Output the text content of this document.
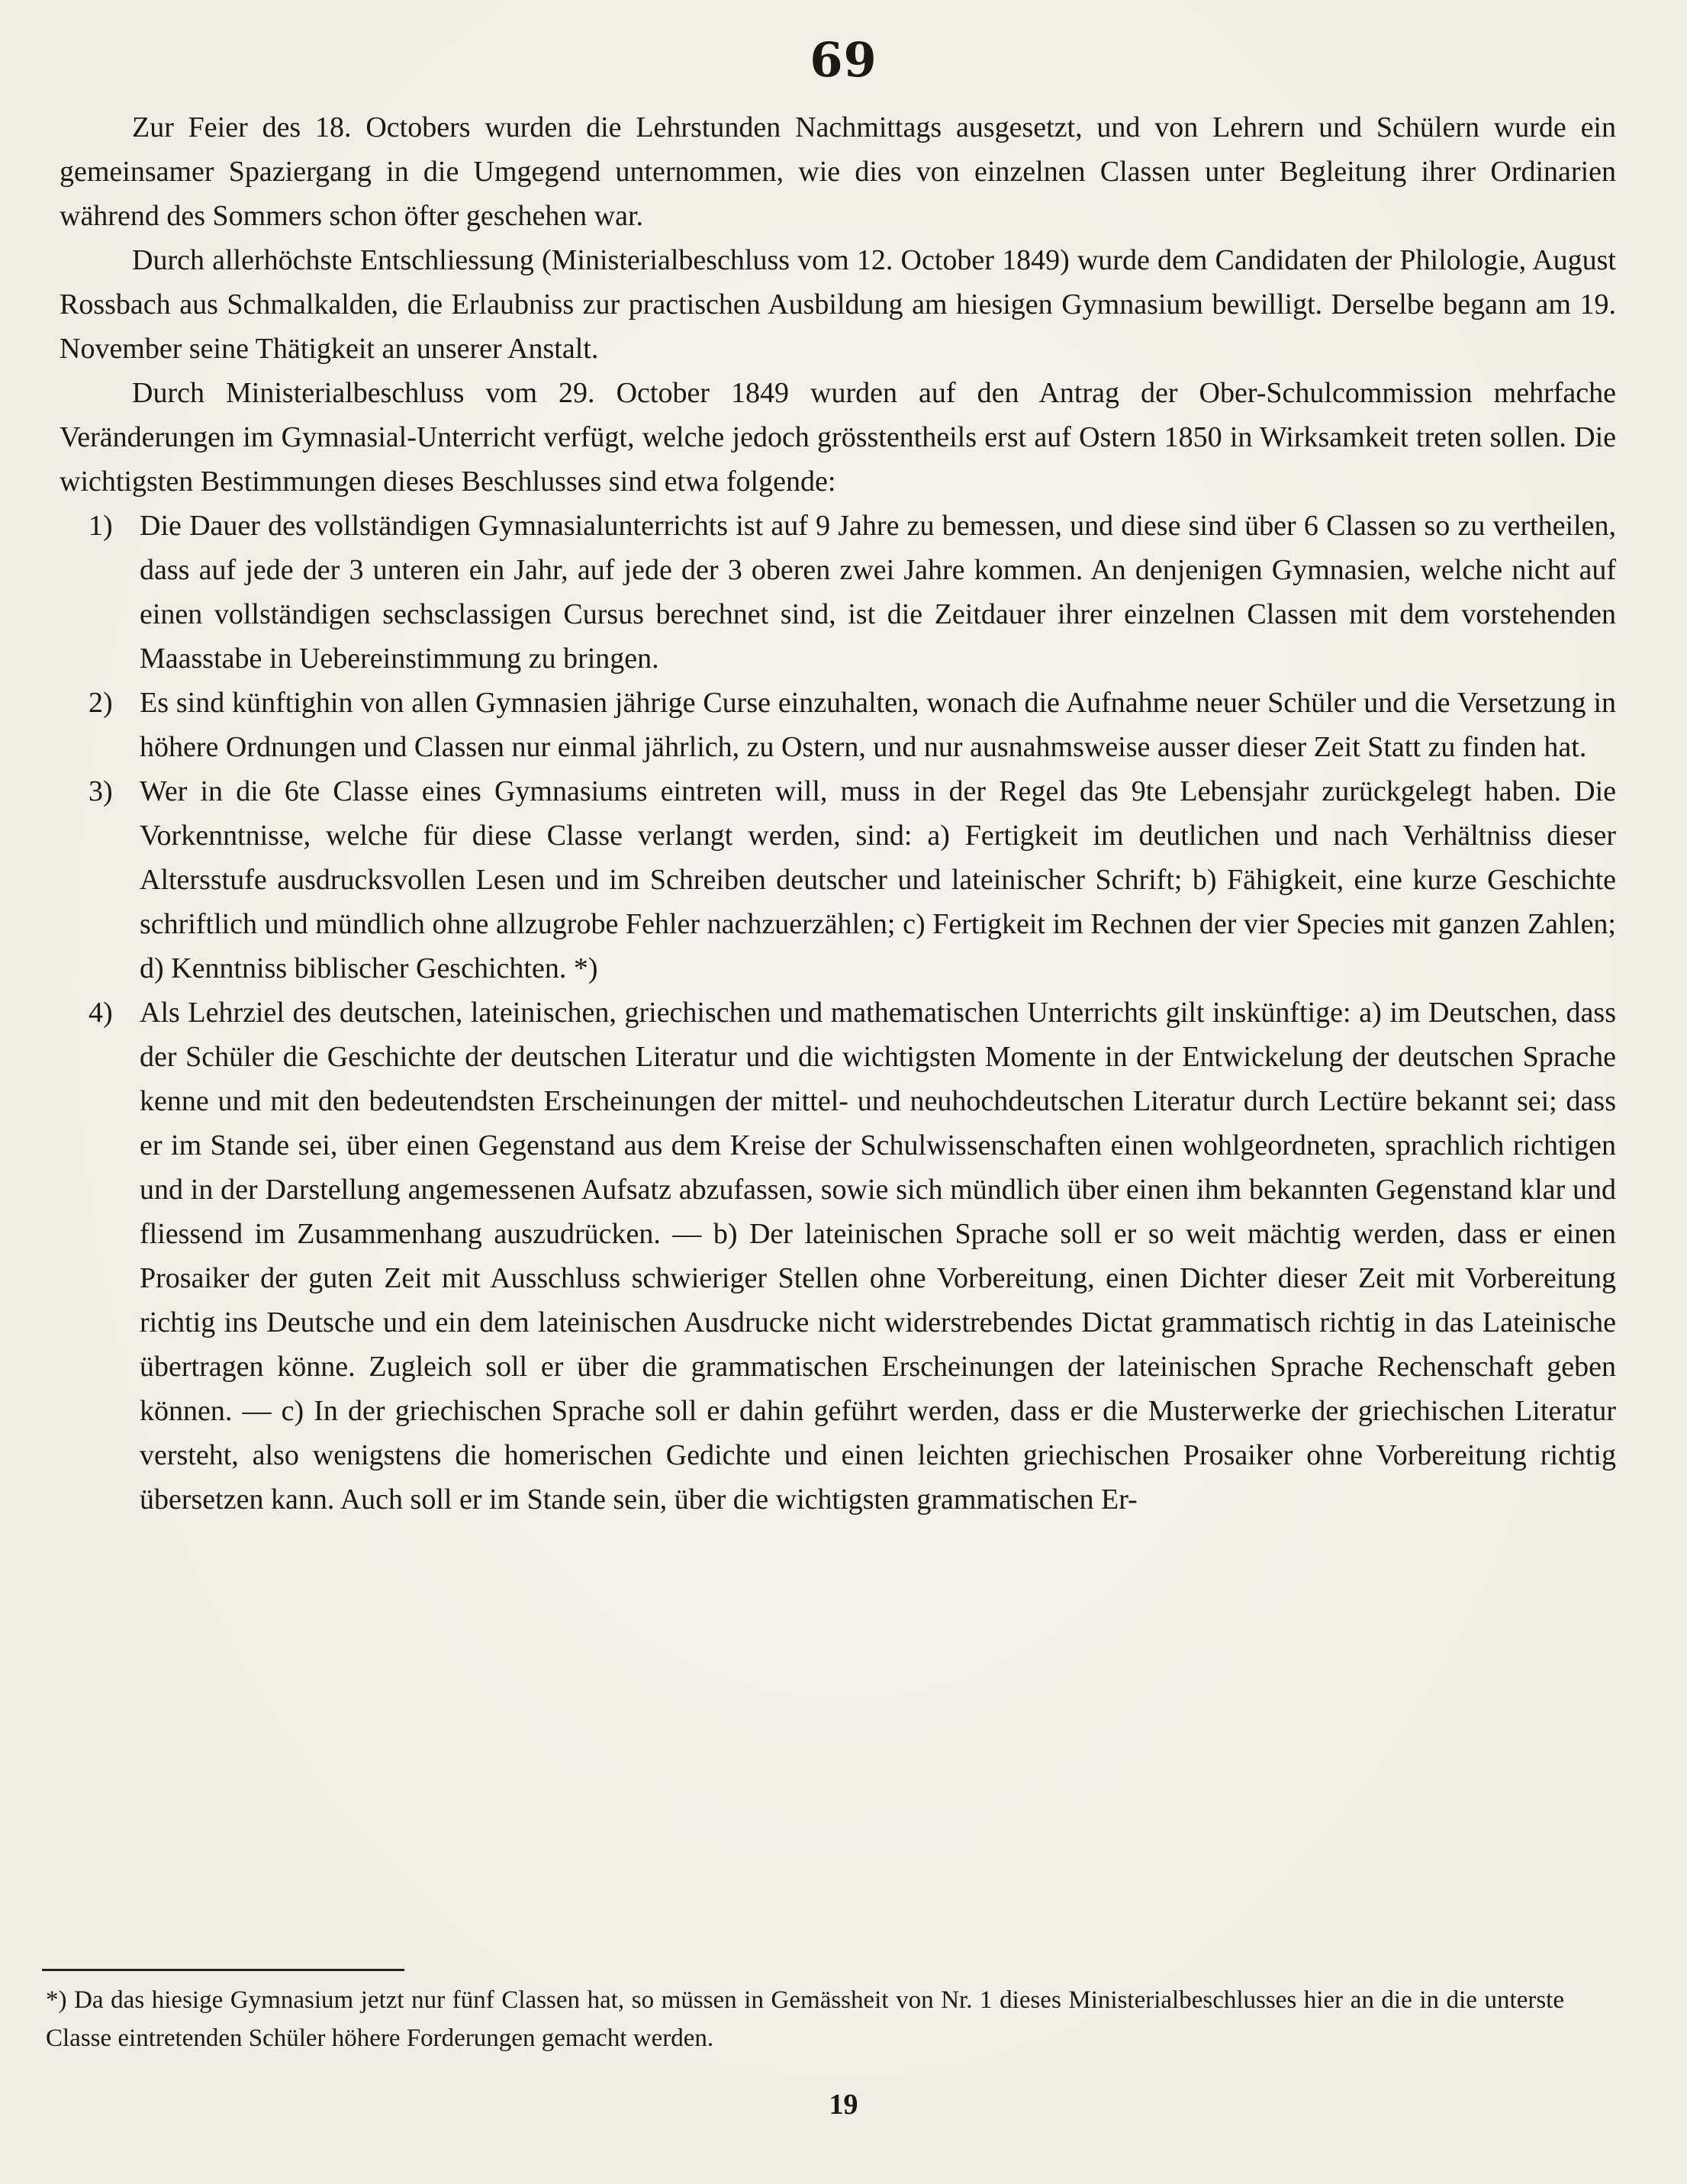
69

Zur Feier des 18. Octobers wurden die Lehrstunden Nachmittags ausgesetzt, und von Lehrern und Schülern wurde ein gemeinsamer Spaziergang in die Umgegend unternommen, wie dies von einzelnen Classen unter Begleitung ihrer Ordinarien während des Sommers schon öfter geschehen war.

Durch allerhöchste Entschliessung (Ministerialbeschluss vom 12. October 1849) wurde dem Candidaten der Philologie, August Rossbach aus Schmalkalden, die Erlaubniss zur practischen Ausbildung am hiesigen Gymnasium bewilligt. Derselbe begann am 19. November seine Thätigkeit an unserer Anstalt.

Durch Ministerialbeschluss vom 29. October 1849 wurden auf den Antrag der Ober-Schulcommission mehrfache Veränderungen im Gymnasial-Unterricht verfügt, welche jedoch grösstentheils erst auf Ostern 1850 in Wirksamkeit treten sollen. Die wichtigsten Bestimmungen dieses Beschlusses sind etwa folgende:

1) Die Dauer des vollständigen Gymnasialunterrichts ist auf 9 Jahre zu bemessen, und diese sind über 6 Classen so zu vertheilen, dass auf jede der 3 unteren ein Jahr, auf jede der 3 oberen zwei Jahre kommen. An denjenigen Gymnasien, welche nicht auf einen vollständigen sechsclassigen Cursus berechnet sind, ist die Zeitdauer ihrer einzelnen Classen mit dem vorstehenden Maasstabe in Uebereinstimmung zu bringen.
2) Es sind künftighin von allen Gymnasien jährige Curse einzuhalten, wonach die Aufnahme neuer Schüler und die Versetzung in höhere Ordnungen und Classen nur einmal jährlich, zu Ostern, und nur ausnahmsweise ausser dieser Zeit Statt zu finden hat.
3) Wer in die 6te Classe eines Gymnasiums eintreten will, muss in der Regel das 9te Lebensjahr zurückgelegt haben. Die Vorkenntnisse, welche für diese Classe verlangt werden, sind: a) Fertigkeit im deutlichen und nach Verhältniss dieser Altersstufe ausdrucksvollen Lesen und im Schreiben deutscher und lateinischer Schrift; b) Fähigkeit, eine kurze Geschichte schriftlich und mündlich ohne allzugrobe Fehler nachzuerzählen; c) Fertigkeit im Rechnen der vier Species mit ganzen Zahlen; d) Kenntniss biblischer Geschichten. *)
4) Als Lehrziel des deutschen, lateinischen, griechischen und mathematischen Unterrichts gilt inskünftige: a) im Deutschen, dass der Schüler die Geschichte der deutschen Literatur und die wichtigsten Momente in der Entwickelung der deutschen Sprache kenne und mit den bedeutendsten Erscheinungen der mittel- und neuhochdeutschen Literatur durch Lectüre bekannt sei; dass er im Stande sei, über einen Gegenstand aus dem Kreise der Schulwissenschaften einen wohlgeordneten, sprachlich richtigen und in der Darstellung angemessenen Aufsatz abzufassen, sowie sich mündlich über einen ihm bekannten Gegenstand klar und fliessend im Zusammenhang auszudrücken. — b) Der lateinischen Sprache soll er so weit mächtig werden, dass er einen Prosaiker der guten Zeit mit Ausschluss schwieriger Stellen ohne Vorbereitung, einen Dichter dieser Zeit mit Vorbereitung richtig ins Deutsche und ein dem lateinischen Ausdrucke nicht widerstrebendes Dictat grammatisch richtig in das Lateinische übertragen könne. Zugleich soll er über die grammatischen Erscheinungen der lateinischen Sprache Rechenschaft geben können. — c) In der griechischen Sprache soll er dahin geführt werden, dass er die Musterwerke der griechischen Literatur versteht, also wenigstens die homerischen Gedichte und einen leichten griechischen Prosaiker ohne Vorbereitung richtig übersetzen kann. Auch soll er im Stande sein, über die wichtigsten grammatischen Er-
*) Da das hiesige Gymnasium jetzt nur fünf Classen hat, so müssen in Gemässheit von Nr. 1 dieses Ministerialbeschlusses hier an die in die unterste Classe eintretenden Schüler höhere Forderungen gemacht werden.
19
